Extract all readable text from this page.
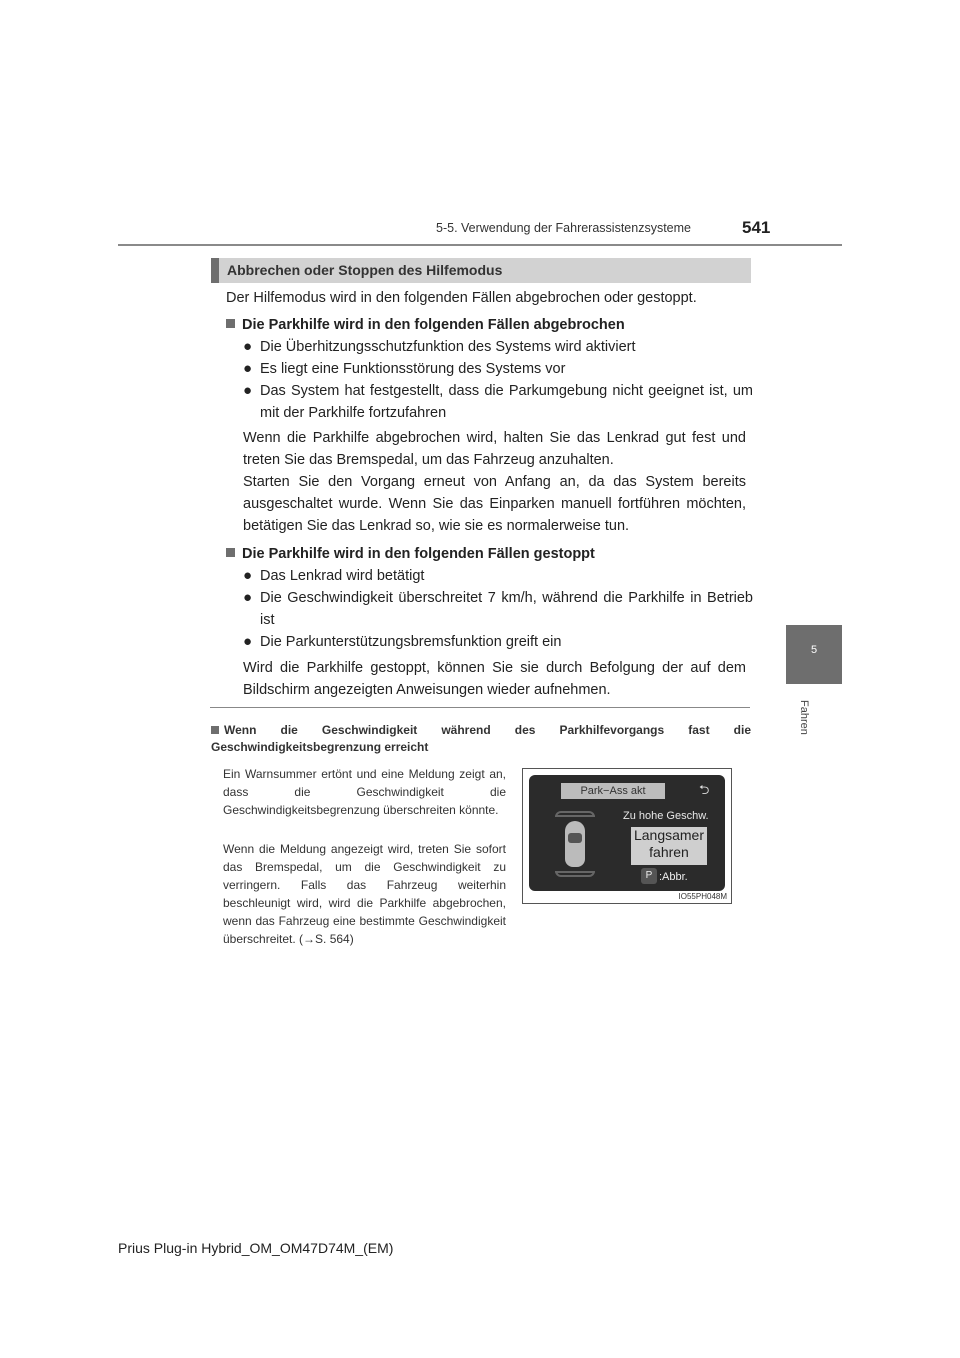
5-5. Verwendung der Fahrerassistenzsysteme	541
5
Fahren
Abbrechen oder Stoppen des Hilfemodus
Der Hilfemodus wird in den folgenden Fällen abgebrochen oder gestoppt.
Die Parkhilfe wird in den folgenden Fällen abgebrochen
● Die Überhitzungsschutzfunktion des Systems wird aktiviert
● Es liegt eine Funktionsstörung des Systems vor
● Das System hat festgestellt, dass die Parkumgebung nicht geeignet ist, um mit der Parkhilfe fortzufahren
Wenn die Parkhilfe abgebrochen wird, halten Sie das Lenkrad gut fest und treten Sie das Bremspedal, um das Fahrzeug anzuhalten.
Starten Sie den Vorgang erneut von Anfang an, da das System bereits ausgeschaltet wurde. Wenn Sie das Einparken manuell fortführen möchten, betätigen Sie das Lenkrad so, wie sie es normalerweise tun.
Die Parkhilfe wird in den folgenden Fällen gestoppt
● Das Lenkrad wird betätigt
● Die Geschwindigkeit überschreitet 7 km/h, während die Parkhilfe in Betrieb ist
● Die Parkunterstützungsbremsfunktion greift ein
Wird die Parkhilfe gestoppt, können Sie sie durch Befolgung der auf dem Bildschirm angezeigten Anweisungen wieder aufnehmen.
Wenn die Geschwindigkeit während des Parkhilfevorgangs fast die Geschwindigkeitsbegrenzung erreicht
Ein Warnsummer ertönt und eine Meldung zeigt an, dass die Geschwindigkeit die Geschwindigkeitsbegrenzung überschreiten könnte.
Wenn die Meldung angezeigt wird, treten Sie sofort das Bremspedal, um die Geschwindigkeit zu verringern. Falls das Fahrzeug weiterhin beschleunigt wird, wird die Parkhilfe abgebrochen, wenn das Fahrzeug eine bestimmte Geschwindigkeit überschreitet. (→S. 564)
Park−Ass akt	⮌
Zu hohe Geschw.
Langsamer
fahren
P :Abbr.
IO55PH048M
Prius Plug-in Hybrid_OM_OM47D74M_(EM)
